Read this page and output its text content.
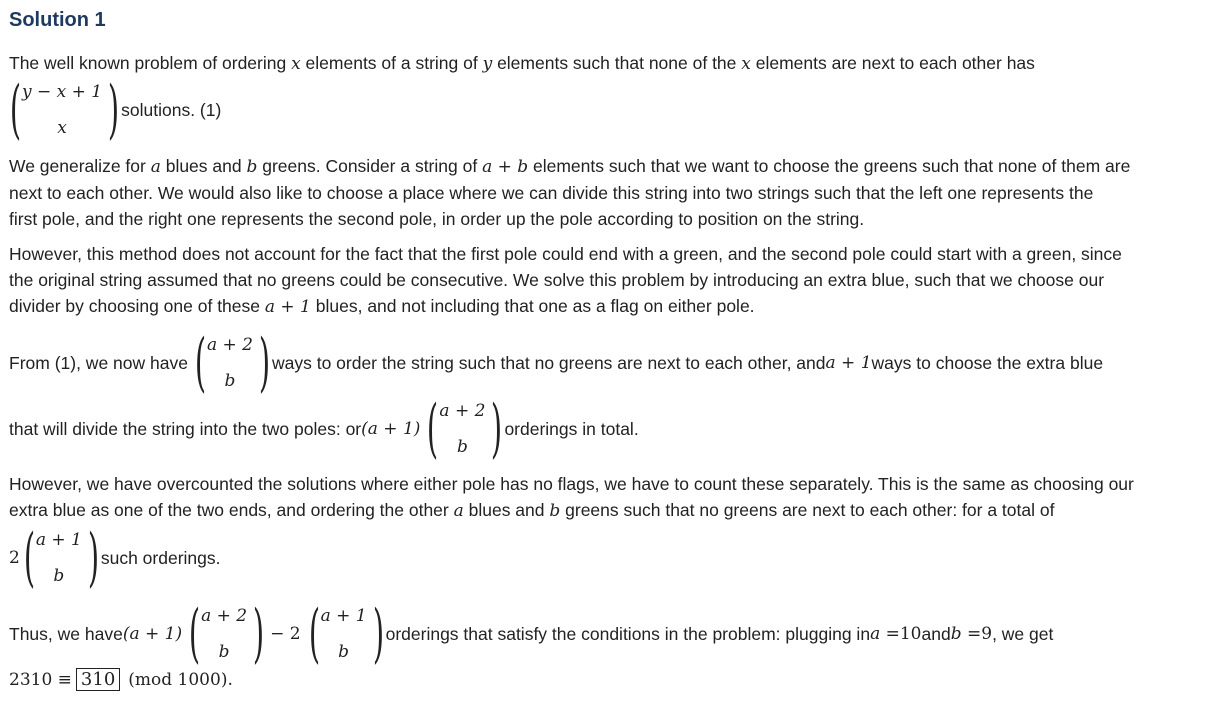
Solution 1
The well known problem of ordering x elements of a string of y elements such that none of the x elements are next to each other has
( y − x + 1
x ) solutions. (1)
We generalize for a blues and b greens. Consider a string of a + b elements such that we want to choose the greens such that none of them are
next to each other. We would also like to choose a place where we can divide this string into two strings such that the left one represents the
first pole, and the right one represents the second pole, in order up the pole according to position on the string.
However, this method does not account for the fact that the first pole could end with a green, and the second pole could start with a green, since
the original string assumed that no greens could be consecutive. We solve this problem by introducing an extra blue, such that we choose our
divider by choosing one of these a + 1 blues, and not including that one as a flag on either pole.
From (1), we now have ( a + 2
b ) ways to order the string such that no greens are next to each other, and a + 1 ways to choose the extra blue
that will divide the string into the two poles: or (a + 1) ( a + 2
b ) orderings in total.
However, we have overcounted the solutions where either pole has no flags, we have to count these separately. This is the same as choosing our
extra blue as one of the two ends, and ordering the other a blues and b greens such that no greens are next to each other: for a total of
2 ( a + 1
b ) such orderings.
Thus, we have (a + 1) ( a + 2
b ) − 2 ( a + 1
b ) orderings that satisfy the conditions in the problem: plugging in a = 10 and b = 9 , we get
2310 ≡ 310 (mod 1000).
